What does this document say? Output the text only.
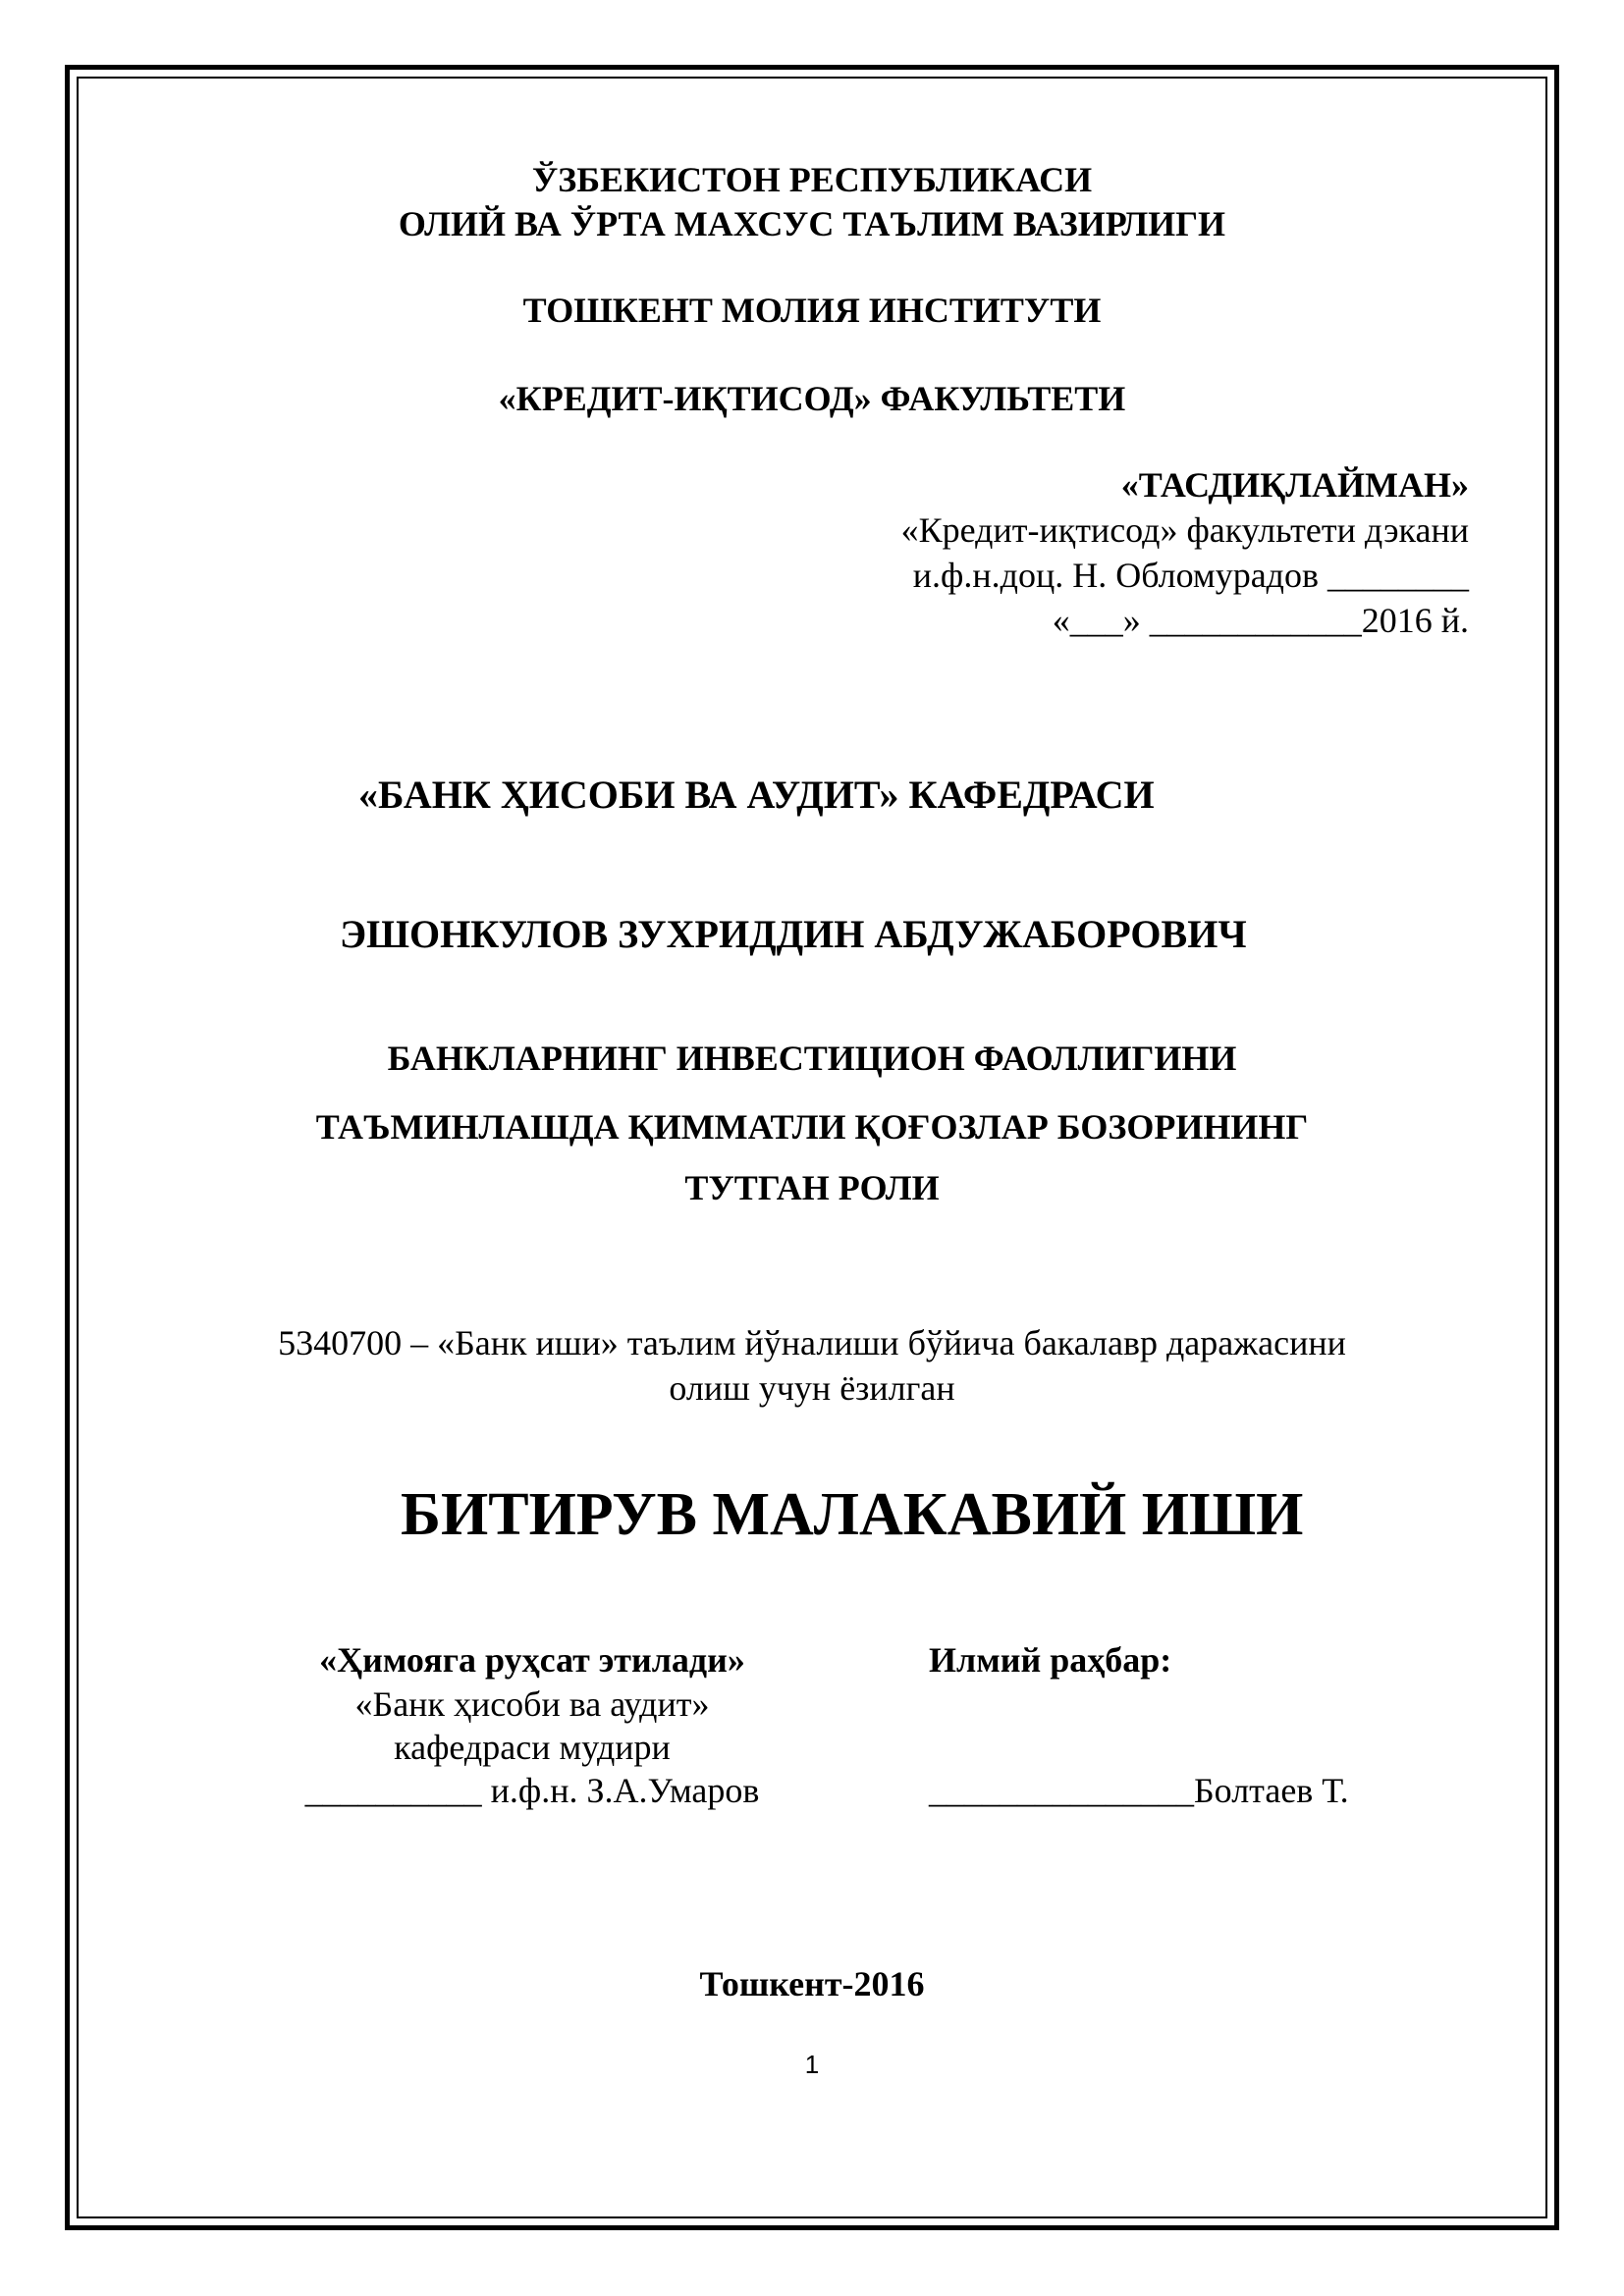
ЎЗБЕКИСТОН РЕСПУБЛИКАСИ
ОЛИЙ ВА ЎРТА МАХСУС ТАЪЛИМ ВАЗИРЛИГИ
ТОШКЕНТ МОЛИЯ ИНСТИТУТИ
«КРЕДИТ-ИҚТИСОД» ФАКУЛЬТЕТИ
«ТАСДИҚЛАЙМАН»
«Кредит-иқтисод» факультети дэкани
и.ф.н.доц. Н. Обломурадов ________
«___» ____________2016 й.
«БАНК ҲИСОБИ ВА АУДИТ» КАФЕДРАСИ
ЭШОНКУЛОВ ЗУХРИДДИН АБДУЖАБОРОВИЧ
БАНКЛАРНИНГ ИНВЕСТИЦИОН ФАОЛЛИГИНИ
ТАЪМИНЛАШДА ҚИММАТЛИ ҚОҒОЗЛАР БОЗОРИНИНГ
ТУТГАН РОЛИ
5340700 – «Банк иши» таълим йўналиши бўйича бакалавр даражасини
олиш учун ёзилган
БИТИРУВ МАЛАКАВИЙ ИШИ
«Ҳимояга руҳсат этилади»
«Банк ҳисоби ва аудит»
кафедраси мудири
__________ и.ф.н. З.А.Умаров
Илмий раҳбар:
_______________Болтаев Т.
Тошкент-2016
1
